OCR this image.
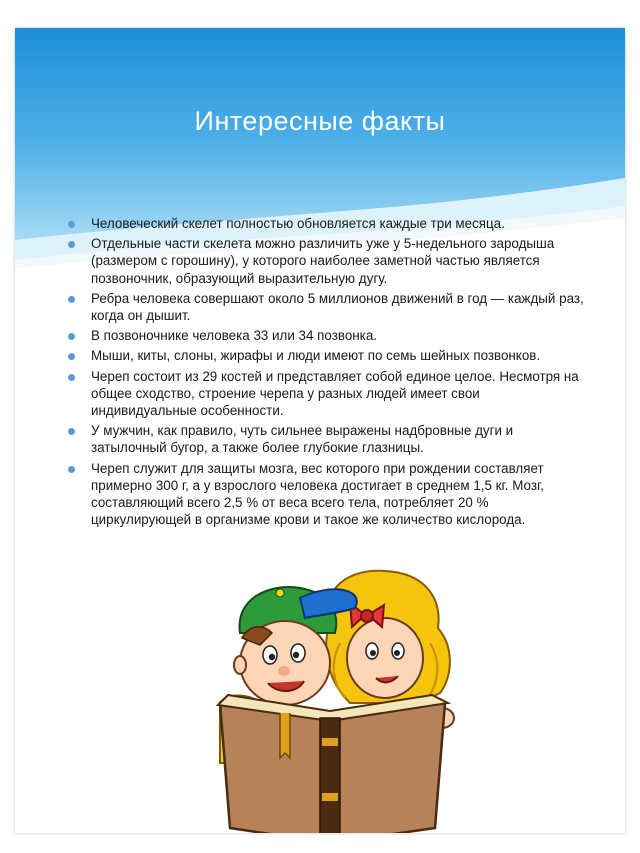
Интересные факты
Человеческий скелет полностью обновляется каждые три месяца.
Отдельные части скелета можно различить уже у 5-недельного зародыша (размером с горошину), у которого наиболее заметной частью является позвоночник, образующий выразительную дугу.
Ребра человека совершают около 5 миллионов движений в год — каждый раз, когда он дышит.
В позвоночнике человека 33 или 34 позвонка.
Мыши, киты, слоны, жирафы и люди имеют по семь шейных позвонков.
Череп состоит из 29 костей и представляет собой единое целое. Несмотря на общее сходство, строение черепа у разных людей имеет свои индивидуальные особенности.
У мужчин, как правило, чуть сильнее выражены надбровные дуги и затылочный бугор, а также более глубокие глазницы.
Череп служит для защиты мозга, вес которого при рождении составляет примерно 300 г, а у взрослого человека достигает в среднем 1,5 кг. Мозг, составляющий всего 2,5 % от веса всего тела, потребляет 20 % циркулирующей в организме крови и такое же количество кислорода.
